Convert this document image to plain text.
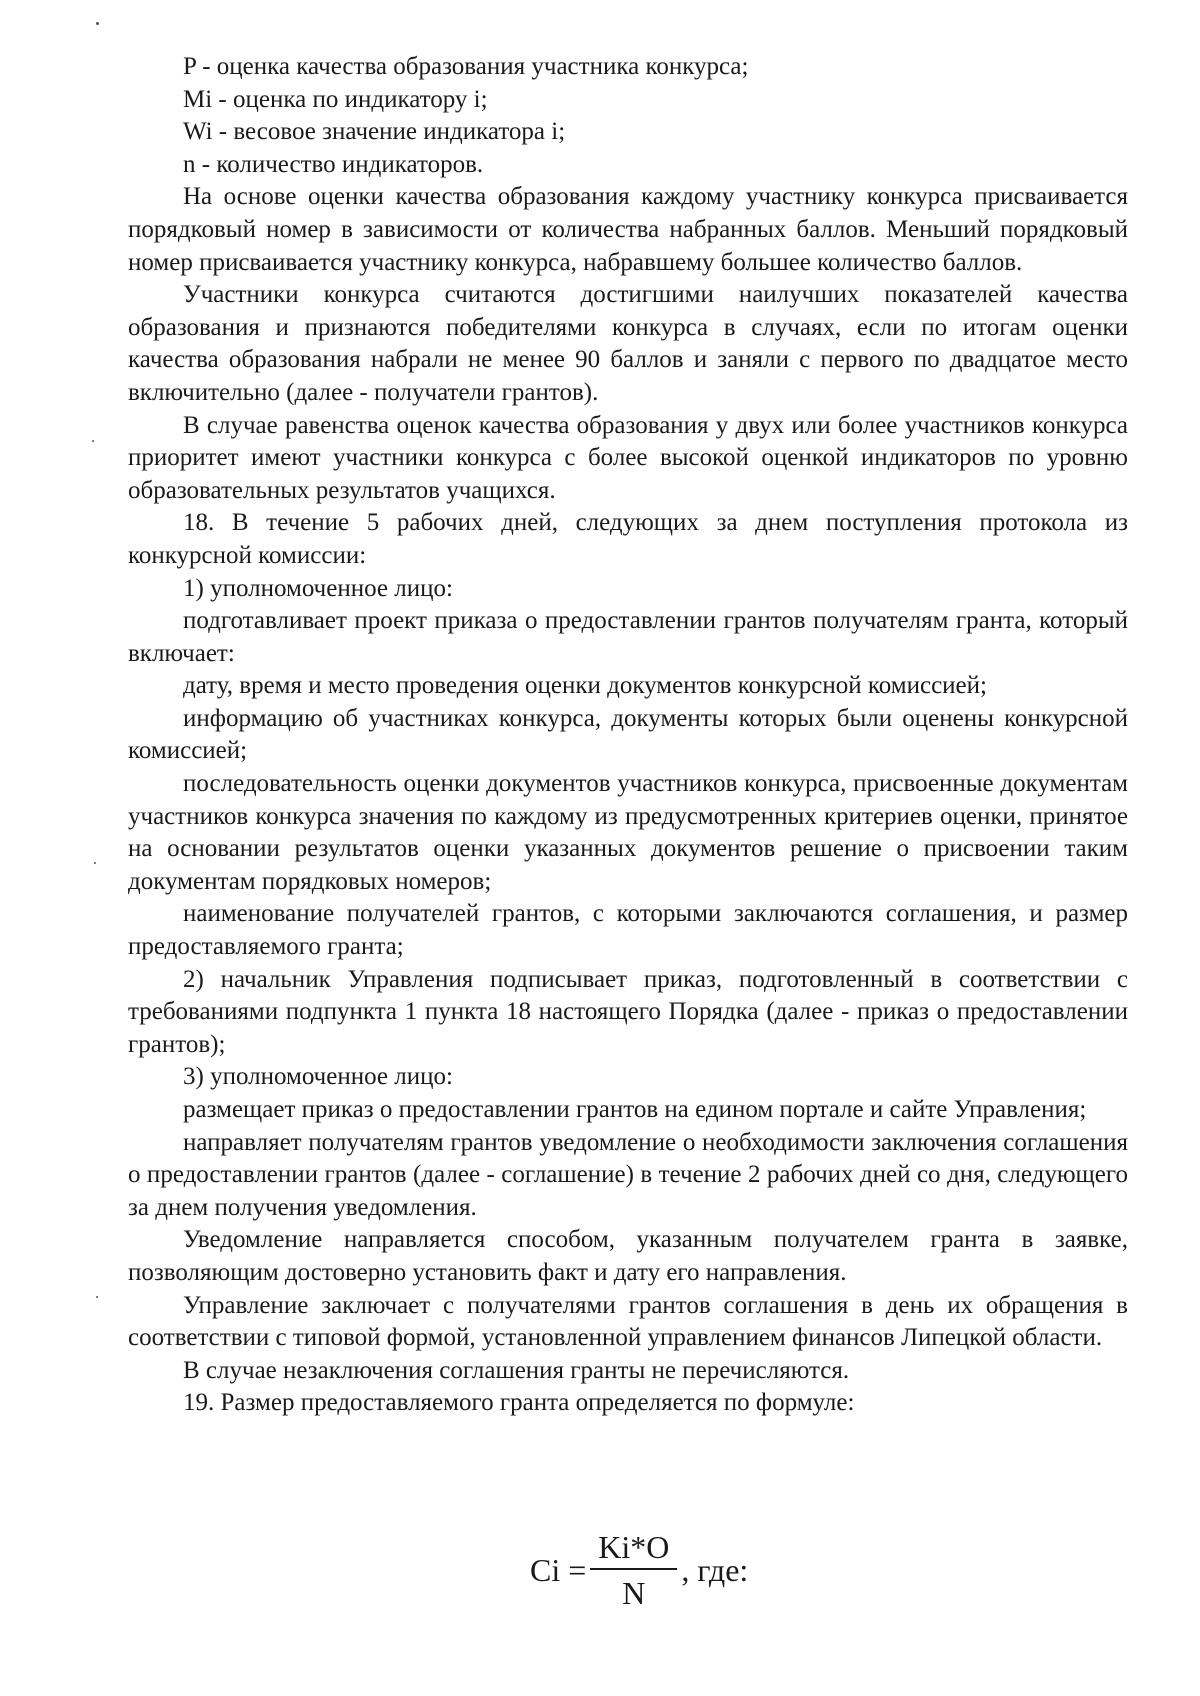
P - оценка качества образования участника конкурса;

Mi - оценка по индикатору i;

Wi - весовое значение индикатора i;

n - количество индикаторов.

На основе оценки качества образования каждому участнику конкурса присваивается порядковый номер в зависимости от количества набранных баллов. Меньший порядковый номер присваивается участнику конкурса, набравшему большее количество баллов.

Участники конкурса считаются достигшими наилучших показателей качества образования и признаются победителями конкурса в случаях, если по итогам оценки качества образования набрали не менее 90 баллов и заняли с первого по двадцатое место включительно (далее - получатели грантов).

В случае равенства оценок качества образования у двух или более участников конкурса приоритет имеют участники конкурса с более высокой оценкой индикаторов по уровню образовательных результатов учащихся.

18. В течение 5 рабочих дней, следующих за днем поступления протокола из конкурсной комиссии:

1) уполномоченное лицо:

подготавливает проект приказа о предоставлении грантов получателям гранта, который включает:

дату, время и место проведения оценки документов конкурсной комиссией;

информацию об участниках конкурса, документы которых были оценены конкурсной комиссией;

последовательность оценки документов участников конкурса, присвоенные документам участников конкурса значения по каждому из предусмотренных критериев оценки, принятое на основании результатов оценки указанных документов решение о присвоении таким документам порядковых номеров;

наименование получателей грантов, с которыми заключаются соглашения, и размер предоставляемого гранта;

2) начальник Управления подписывает приказ, подготовленный в соответствии с требованиями подпункта 1 пункта 18 настоящего Порядка (далее - приказ о предоставлении грантов);

3) уполномоченное лицо:

размещает приказ о предоставлении грантов на едином портале и сайте Управления;

направляет получателям грантов уведомление о необходимости заключения соглашения о предоставлении грантов (далее - соглашение) в течение 2 рабочих дней со дня, следующего за днем получения уведомления.

Уведомление направляется способом, указанным получателем гранта в заявке, позволяющим достоверно установить факт и дату его направления.

Управление заключает с получателями грантов соглашения в день их обращения в соответствии с типовой формой, установленной управлением финансов Липецкой области.

В случае незаключения соглашения гранты не перечисляются.

19. Размер предоставляемого гранта определяется по формуле:

$Ci = \frac{Ki*O}{N}$ , где:
